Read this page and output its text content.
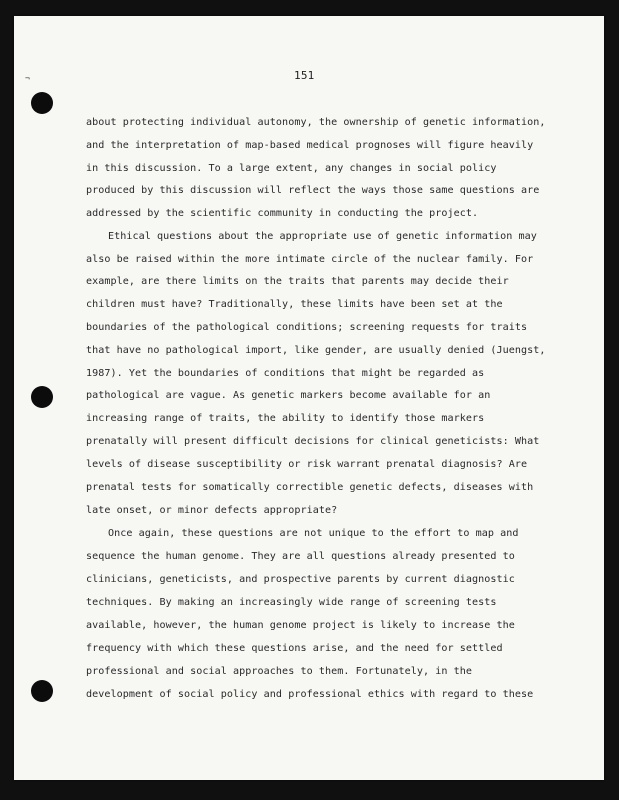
¬	151
about protecting individual autonomy, the ownership of genetic information,
and the interpretation of map-based medical prognoses will figure heavily
in this discussion. To a large extent, any changes in social policy
produced by this discussion will reflect the ways those same questions are
addressed by the scientific community in conducting the project.
Ethical questions about the appropriate use of genetic information may
also be raised within the more intimate circle of the nuclear family. For
example, are there limits on the traits that parents may decide their
children must have? Traditionally, these limits have been set at the
boundaries of the pathological conditions; screening requests for traits
that have no pathological import, like gender, are usually denied (Juengst,
1987). Yet the boundaries of conditions that might be regarded as
pathological are vague. As genetic markers become available for an
increasing range of traits, the ability to identify those markers
prenatally will present difficult decisions for clinical geneticists: What
levels of disease susceptibility or risk warrant prenatal diagnosis? Are
prenatal tests for somatically correctible genetic defects, diseases with
late onset, or minor defects appropriate?
Once again, these questions are not unique to the effort to map and
sequence the human genome. They are all questions already presented to
clinicians, geneticists, and prospective parents by current diagnostic
techniques. By making an increasingly wide range of screening tests
available, however, the human genome project is likely to increase the
frequency with which these questions arise, and the need for settled
professional and social approaches to them. Fortunately, in the
development of social policy and professional ethics with regard to these
